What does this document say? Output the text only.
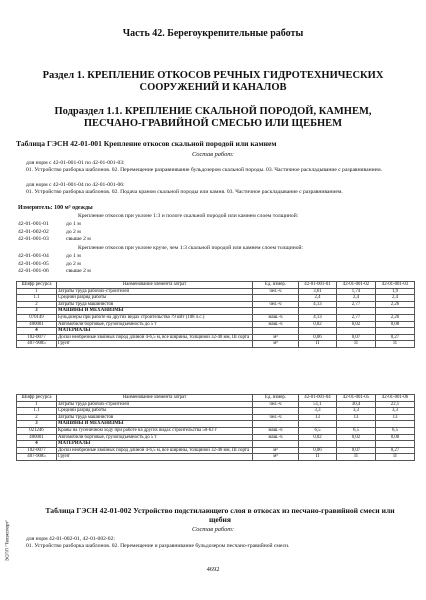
Часть 42. Берегоукрепительные работы
Раздел 1. КРЕПЛЕНИЕ ОТКОСОВ РЕЧНЫХ ГИДРОТЕХНИЧЕСКИХ СООРУЖЕНИЙ И КАНАЛОВ
Подраздел 1.1. КРЕПЛЕНИЕ СКАЛЬНОЙ ПОРОДОЙ, КАМНЕМ, ПЕСЧАНО-ГРАВИЙНОЙ СМЕСЬЮ ИЛИ ЩЕБНЕМ
Таблица ГЭСН 42-01-001 Крепление откосов скальной породой или камнем
Состав работ:
для норм с 42-01-001-01 по 42-01-001-03:
01. Устройство разборка шаблонов. 02. Перемещение разравнивание бульдозером скальной породы. 03. Частичное раскладывание с разравниванием.
для норм с 42-01-001-04 по 42-01-001-06:
01. Устройство разборка шаблонов. 02. Подача краном скальной породы или камня. 03. Частичное раскладывание с разравниванием.
Измеритель: 100 м³ одежды
Крепление откосов при уклоне 1:3 и пологе скальной породой или камнем слоем толщиной:
42-01-001-01	до 1 м
42-01-002-02	до 2 м
42-01-001-03	свыше 2 м
Крепление откосов при уклоне круче, чем 1:3 скальной породой или камнем слоем толщиной:
42-01-001-04	до 1 м
42-01-001-05	до 2 м
42-01-001-06	свыше 2 м
Шифр ресурса	Наименование элемента затрат	Ед. измер.	42-01-001-01	42-01-001-02	42-01-001-03
1	Затраты труда рабочих-строителей	чел.-ч	3,61	1,74	1,9
1.1	Средний разряд работы		2,4	2,4	2,4
2	Затраты труда машинистов	чел.-ч	4,13	2,77	2,26
3	МАШИНЫ И МЕХАНИЗМЫ				
070149	Бульдозеры при работе на других видах строительства 79 кВт (108 л.с.)	маш.-ч	4,13	2,77	2,26
400001	Автомобили бортовые, грузоподъемность до 5 т	маш.-ч	0,02	0,02	0,08
4	МАТЕРИАЛЫ				
102-0077	Доски необрезные хвойных пород длиной 4-6,5 м, все ширины, толщиной 32-40 мм, III сорта	м³	0,06	0,07	0,27
407-9085	Грунт	м³	П	П	П
Шифр ресурса	Наименование элемента затрат	Ед. измер.	42-01-001-04	42-01-001-05	42-01-001-06
1	Затраты труда рабочих-строителей	чел.-ч	51,1	30,4	22,1
1.1	Средний разряд работы		3,3	3,3	3,3
2	Затраты труда машинистов	чел.-ч	13	13	13
3	МАШИНЫ И МЕХАНИЗМЫ				
021246	Краны на гусеничном ходу при работе на других видах строительства 50-63 т	маш.-ч	6,5	6,5	6,5
400001	Автомобили бортовые, грузоподъемность до 5 т	маш.-ч	0,02	0,02	0,08
4	МАТЕРИАЛЫ				
102-0077	Доски необрезные хвойных пород длиной 4-6,5 м, все ширины, толщиной 32-40 мм, III сорта	м³	0,06	0,07	0,27
407-9085	Грунт	м³	П	П	П
Таблица ГЭСН 42-01-002 Устройство подстилающего слоя в откосах из песчано-гравийной смеси или щебня
Состав работ:
для норм 42-01-002-01, 42-01-002-02:
01. Устройство разборка шаблонов. 02. Перемещение и разравнивание бульдозером песчано-гравийной смеси.
4692
ЭСПП "Техэксперт"
